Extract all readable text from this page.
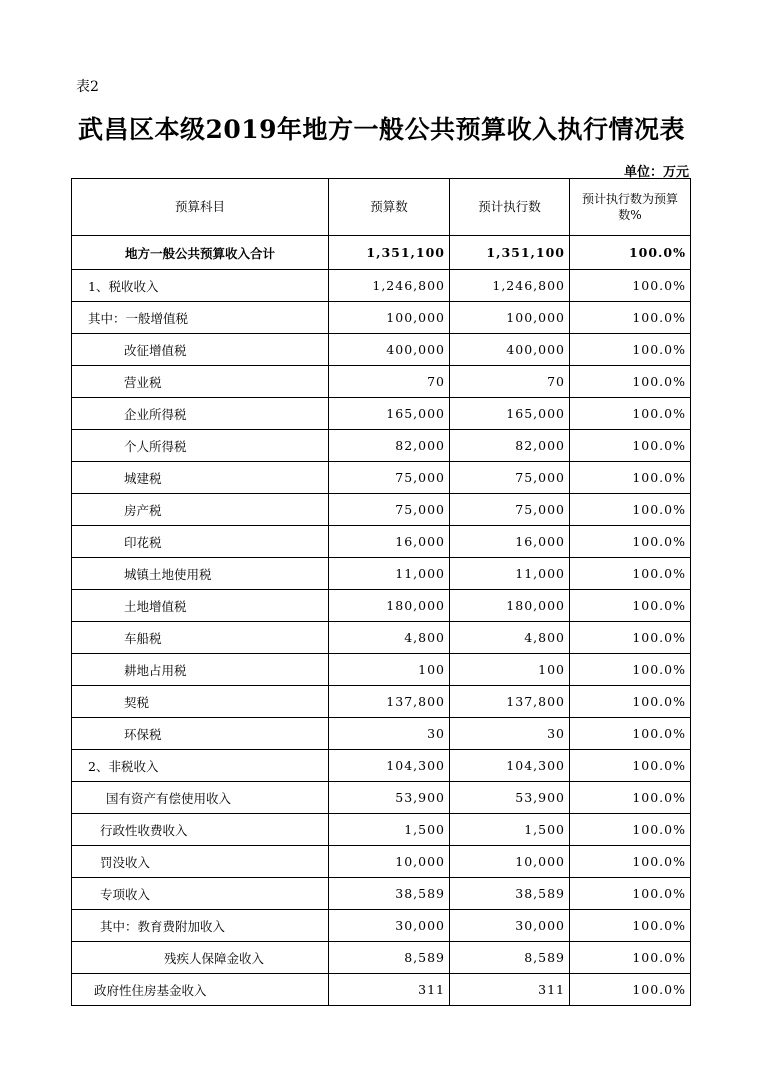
表2
武昌区本级2019年地方一般公共预算收入执行情况表
单位：万元
预算科目	预算数	预计执行数	预计执行数为预算数%
地方一般公共预算收入合计	1,351,100	1,351,100	100.0%
1、税收收入	1,246,800	1,246,800	100.0%
其中：一般增值税	100,000	100,000	100.0%
改征增值税	400,000	400,000	100.0%
营业税	70	70	100.0%
企业所得税	165,000	165,000	100.0%
个人所得税	82,000	82,000	100.0%
城建税	75,000	75,000	100.0%
房产税	75,000	75,000	100.0%
印花税	16,000	16,000	100.0%
城镇土地使用税	11,000	11,000	100.0%
土地增值税	180,000	180,000	100.0%
车船税	4,800	4,800	100.0%
耕地占用税	100	100	100.0%
契税	137,800	137,800	100.0%
环保税	30	30	100.0%
2、非税收入	104,300	104,300	100.0%
国有资产有偿使用收入	53,900	53,900	100.0%
行政性收费收入	1,500	1,500	100.0%
罚没收入	10,000	10,000	100.0%
专项收入	38,589	38,589	100.0%
其中：教育费附加收入	30,000	30,000	100.0%
残疾人保障金收入	8,589	8,589	100.0%
政府性住房基金收入	311	311	100.0%
